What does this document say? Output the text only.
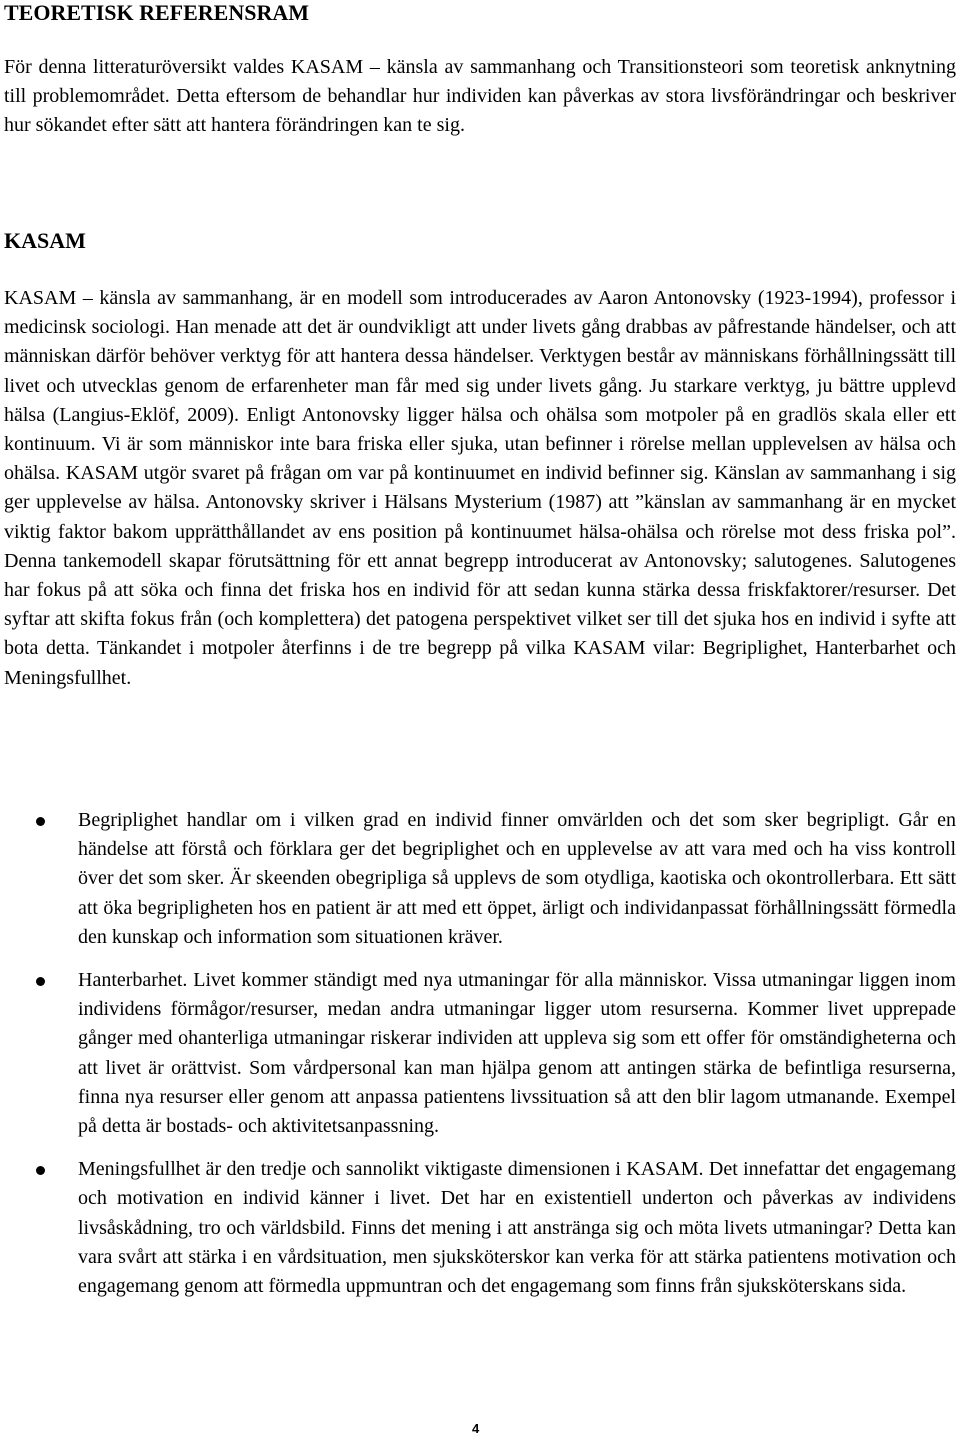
TEORETISK REFERENSRAM

För denna litteraturöversikt valdes KASAM – känsla av sammanhang och Transitionsteori som teoretisk anknytning till problemområdet. Detta eftersom de behandlar hur individen kan påverkas av stora livsförändringar och beskriver hur sökandet efter sätt att hantera förändringen kan te sig.

KASAM

KASAM – känsla av sammanhang, är en modell som introducerades av Aaron Antonovsky (1923-1994), professor i medicinsk sociologi. Han menade att det är oundvikligt att under livets gång drabbas av påfrestande händelser, och att människan därför behöver verktyg för att hantera dessa händelser. Verktygen består av människans förhållningssätt till livet och utvecklas genom de erfarenheter man får med sig under livets gång. Ju starkare verktyg, ju bättre upplevd hälsa (Langius-Eklöf, 2009). Enligt Antonovsky ligger hälsa och ohälsa som motpoler på en gradlös skala eller ett kontinuum. Vi är som människor inte bara friska eller sjuka, utan befinner i rörelse mellan upplevelsen av hälsa och ohälsa. KASAM utgör svaret på frågan om var på kontinuumet en individ befinner sig. Känslan av sammanhang i sig ger upplevelse av hälsa. Antonovsky skriver i Hälsans Mysterium (1987) att ”känslan av sammanhang är en mycket viktig faktor bakom upprätthållandet av ens position på kontinuumet hälsa-ohälsa och rörelse mot dess friska pol”. Denna tankemodell skapar förutsättning för ett annat begrepp introducerat av Antonovsky; salutogenes. Salutogenes har fokus på att söka och finna det friska hos en individ för att sedan kunna stärka dessa friskfaktorer/resurser. Det syftar att skifta fokus från (och komplettera) det patogena perspektivet vilket ser till det sjuka hos en individ i syfte att bota detta. Tänkandet i motpoler återfinns i de tre begrepp på vilka KASAM vilar: Begriplighet, Hanterbarhet och Meningsfullhet.

Begriplighet handlar om i vilken grad en individ finner omvärlden och det som sker begripligt. Går en händelse att förstå och förklara ger det begriplighet och en upplevelse av att vara med och ha viss kontroll över det som sker. Är skeenden obegripliga så upplevs de som otydliga, kaotiska och okontrollerbara. Ett sätt att öka begripligheten hos en patient är att med ett öppet, ärligt och individanpassat förhållningssätt förmedla den kunskap och information som situationen kräver.
Hanterbarhet. Livet kommer ständigt med nya utmaningar för alla människor. Vissa utmaningar liggen inom individens förmågor/resurser, medan andra utmaningar ligger utom resurserna. Kommer livet upprepade gånger med ohanterliga utmaningar riskerar individen att uppleva sig som ett offer för omständigheterna och att livet är orättvist. Som vårdpersonal kan man hjälpa genom att antingen stärka de befintliga resurserna, finna nya resurser eller genom att anpassa patientens livssituation så att den blir lagom utmanande. Exempel på detta är bostads- och aktivitetsanpassning.
Meningsfullhet är den tredje och sannolikt viktigaste dimensionen i KASAM. Det innefattar det engagemang och motivation en individ känner i livet. Det har en existentiell underton och påverkas av individens livsåskådning, tro och världsbild. Finns det mening i att anstränga sig och möta livets utmaningar? Detta kan vara svårt att stärka i en vårdsituation, men sjuksköterskor kan verka för att stärka patientens motivation och engagemang genom att förmedla uppmuntran och det engagemang som finns från sjuksköterskans sida.
4
